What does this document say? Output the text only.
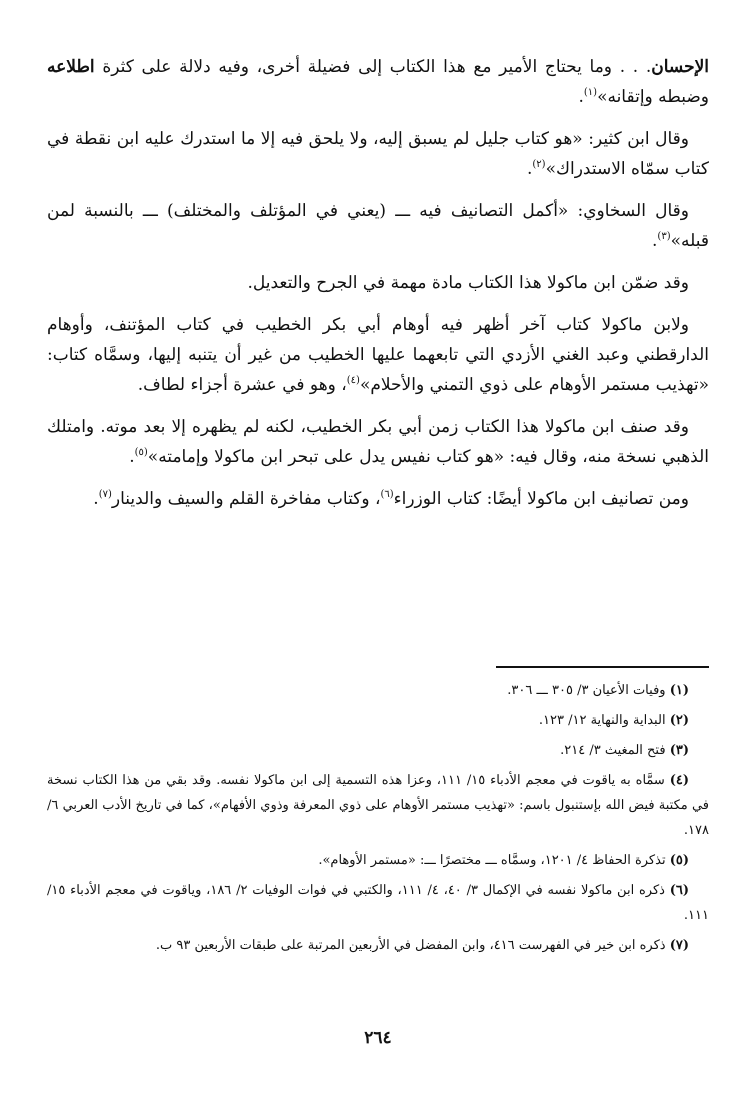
الإحسان. . . وما يحتاج الأمير مع هذا الكتاب إلى فضيلة أخرى، وفيه دلالة على كثرة اطلاعه وضبطه وإتقانه»$^{(١)}$.

وقال ابن كثير: «هو كتاب جليل لم يسبق إليه، ولا يلحق فيه إلا ما استدرك عليه ابن نقطة في كتاب سمّاه الاستدراك»$^{(٢)}$.

وقال السخاوي: «أكمل التصانيف فيه ـــ (يعني في المؤتلف والمختلف) ـــ بالنسبة لمن قبله»$^{(٣)}$.

وقد ضمّن ابن ماكولا هذا الكتاب مادة مهمة في الجرح والتعديل.

ولابن ماكولا كتاب آخر أظهر فيه أوهام أبي بكر الخطيب في كتاب المؤتنف، وأوهام الدارقطني وعبد الغني الأزدي التي تابعهما عليها الخطيب من غير أن يتنبه إليها، وسمَّاه كتاب: «تهذيب مستمر الأوهام على ذوي التمني والأحلام»$^{(٤)}$، وهو في عشرة أجزاء لطاف.

وقد صنف ابن ماكولا هذا الكتاب زمن أبي بكر الخطيب، لكنه لم يظهره إلا بعد موته. وامتلك الذهبي نسخة منه، وقال فيه: «هو كتاب نفيس يدل على تبحر ابن ماكولا وإمامته»$^{(٥)}$.

ومن تصانيف ابن ماكولا أيضًا: كتاب الوزراء$^{(٦)}$، وكتاب مفاخرة القلم والسيف والدينار$^{(٧)}$.

(١) وفيات الأعيان ٣/ ٣٠٥ ـــ ٣٠٦.

(٢) البداية والنهاية ١٢/ ١٢٣.

(٣) فتح المغيث ٣/ ٢١٤.

(٤) سمَّاه به ياقوت في معجم الأدباء ١٥/ ١١١، وعزا هذه التسمية إلى ابن ماكولا نفسه. وقد بقي من هذا الكتاب نسخة في مكتبة فيض الله بإستنبول باسم: «تهذيب مستمر الأوهام على ذوي المعرفة وذوي الأفهام»، كما في تاريخ الأدب العربي ٦/ ١٧٨.

(٥) تذكرة الحفاظ ٤/ ١٢٠١، وسمَّاه ـــ مختصرًا ـــ: «مستمر الأوهام».

(٦) ذكره ابن ماكولا نفسه في الإكمال ٣/ ٤٠، ٤/ ١١١، والكتبي في فوات الوفيات ٢/ ١٨٦، وياقوت في معجم الأدباء ١٥/ ١١١.

(٧) ذكره ابن خير في الفهرست ٤١٦، وابن المفضل في الأربعين المرتبة على طبقات الأربعين ٩٣ ب.

٢٦٤
